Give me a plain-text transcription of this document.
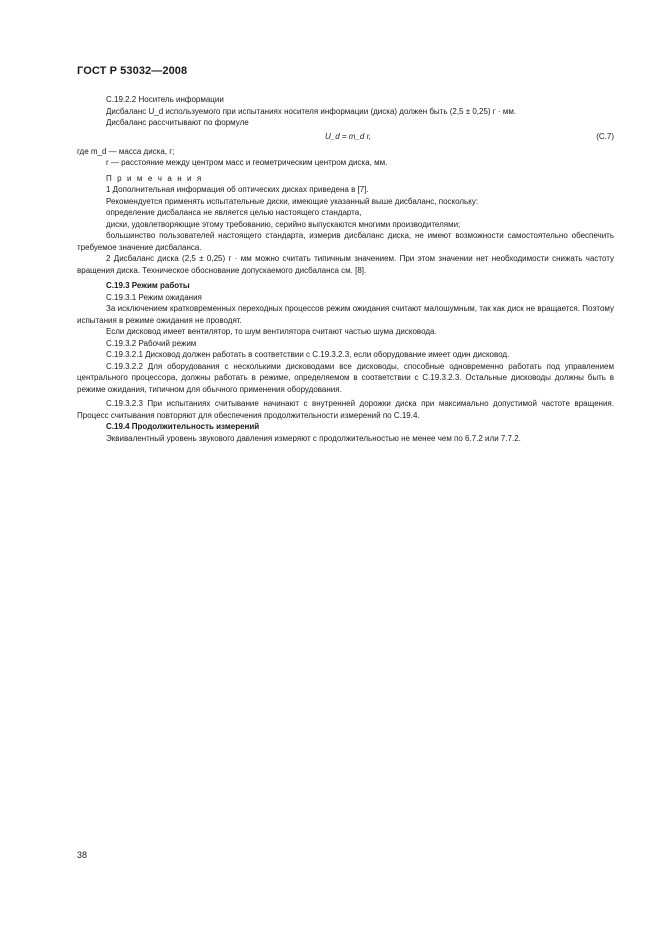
ГОСТ Р 53032—2008

С.19.2.2 Носитель информации

Дисбаланс U_d используемого при испытаниях носителя информации (диска) должен быть (2,5 ± 0,25) г · мм.

Дисбаланс рассчитывают по формуле

U_d = m_d r,	(С.7)

где m_d — масса диска, г;

r — расстояние между центром масс и геометрическим центром диска, мм.

П р и м е ч а н и я

1 Дополнительная информация об оптических дисках приведена в [7].

Рекомендуется применять испытательные диски, имеющие указанный выше дисбаланс, поскольку:

определение дисбаланса не является целью настоящего стандарта,

диски, удовлетворяющие этому требованию, серийно выпускаются многими производителями;

большинство пользователей настоящего стандарта, измерив дисбаланс диска, не имеют возможности самостоятельно обеспечить требуемое значение дисбаланса.

2 Дисбаланс диска (2,5 ± 0,25) г · мм можно считать типичным значением. При этом значении нет необходимости снижать частоту вращения диска. Техническое обоснование допускаемого дисбаланса см. [8].

С.19.3 Режим работы

С.19.3.1 Режим ожидания

За исключением кратковременных переходных процессов режим ожидания считают малошумным, так как диск не вращается. Поэтому испытания в режиме ожидания не проводят.

Если дисковод имеет вентилятор, то шум вентилятора считают частью шума дисковода.

С.19.3.2 Рабочий режим

С.19.3.2.1 Дисковод должен работать в соответствии с С.19.3.2.3, если оборудование имеет один дисковод.

С.19.3.2.2 Для оборудования с несколькими дисководами все дисководы, способные одновременно работать под управлением центрального процессора, должны работать в режиме, определяемом в соответствии с С.19.3.2.3. Остальные дисководы должны быть в режиме ожидания, типичном для обычного применения оборудования.

С.19.3.2.3 При испытаниях считывание начинают с внутренней дорожки диска при максимально допустимой частоте вращения. Процесс считывания повторяют для обеспечения продолжительности измерений по С.19.4.

С.19.4 Продолжительность измерений

Эквивалентный уровень звукового давления измеряют с продолжительностью не менее чем по 6.7.2 или 7.7.2.

38
